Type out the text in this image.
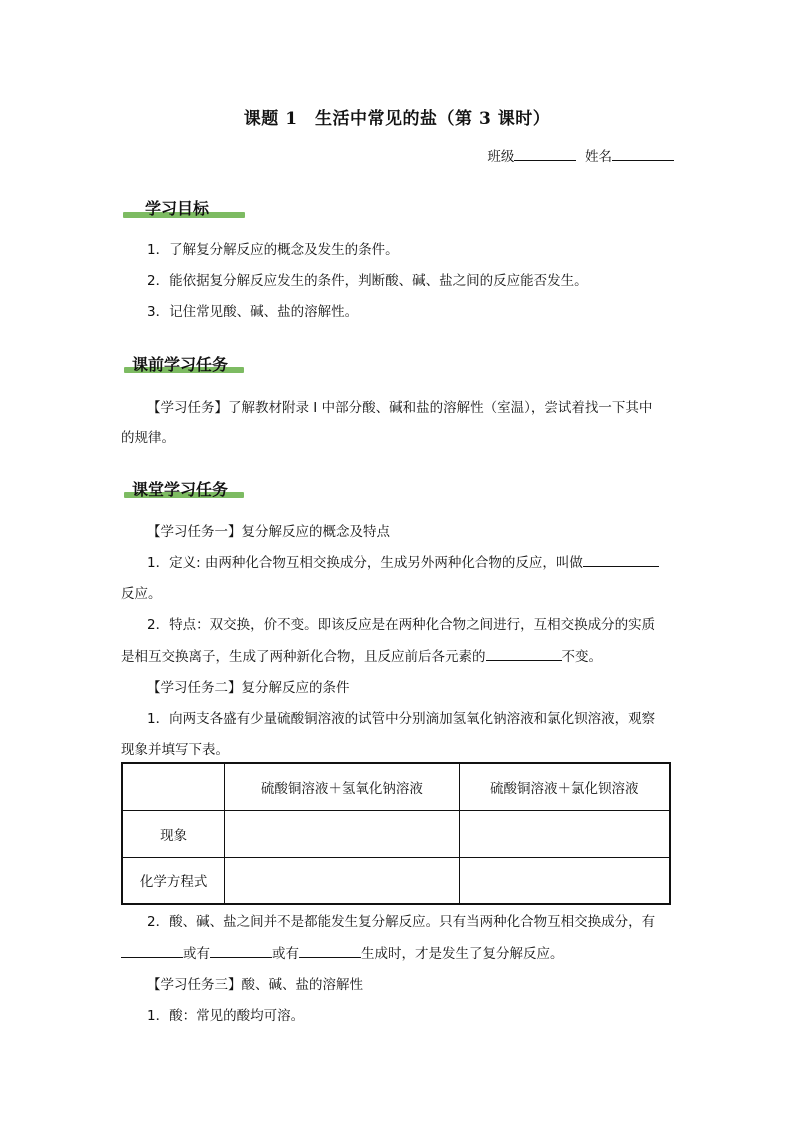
课题 1　生活中常见的盐（第 3 课时）
班级	姓名
学习目标
1．了解复分解反应的概念及发生的条件。
2．能依据复分解反应发生的条件，判断酸、碱、盐之间的反应能否发生。
3．记住常见酸、碱、盐的溶解性。
课前学习任务
【学习任务】了解教材附录 I 中部分酸、碱和盐的溶解性（室温），尝试着找一下其中
的规律。
课堂学习任务
【学习任务一】复分解反应的概念及特点
1．定义: 由两种化合物互相交换成分，生成另外两种化合物的反应，叫做
反应。
2．特点：双交换，价不变。即该反应是在两种化合物之间进行，互相交换成分的实质
是相互交换离子，生成了两种新化合物，且反应前后各元素的	不变。
【学习任务二】复分解反应的条件
1．向两支各盛有少量硫酸铜溶液的试管中分别滴加氢氧化钠溶液和氯化钡溶液，观察
现象并填写下表。
	硫酸铜溶液＋氢氧化钠溶液	硫酸铜溶液＋氯化钡溶液
现象		
化学方程式		
2．酸、碱、盐之间并不是都能发生复分解反应。只有当两种化合物互相交换成分，有
或有	或有	生成时，才是发生了复分解反应。
【学习任务三】酸、碱、盐的溶解性
1．酸：常见的酸均可溶。
